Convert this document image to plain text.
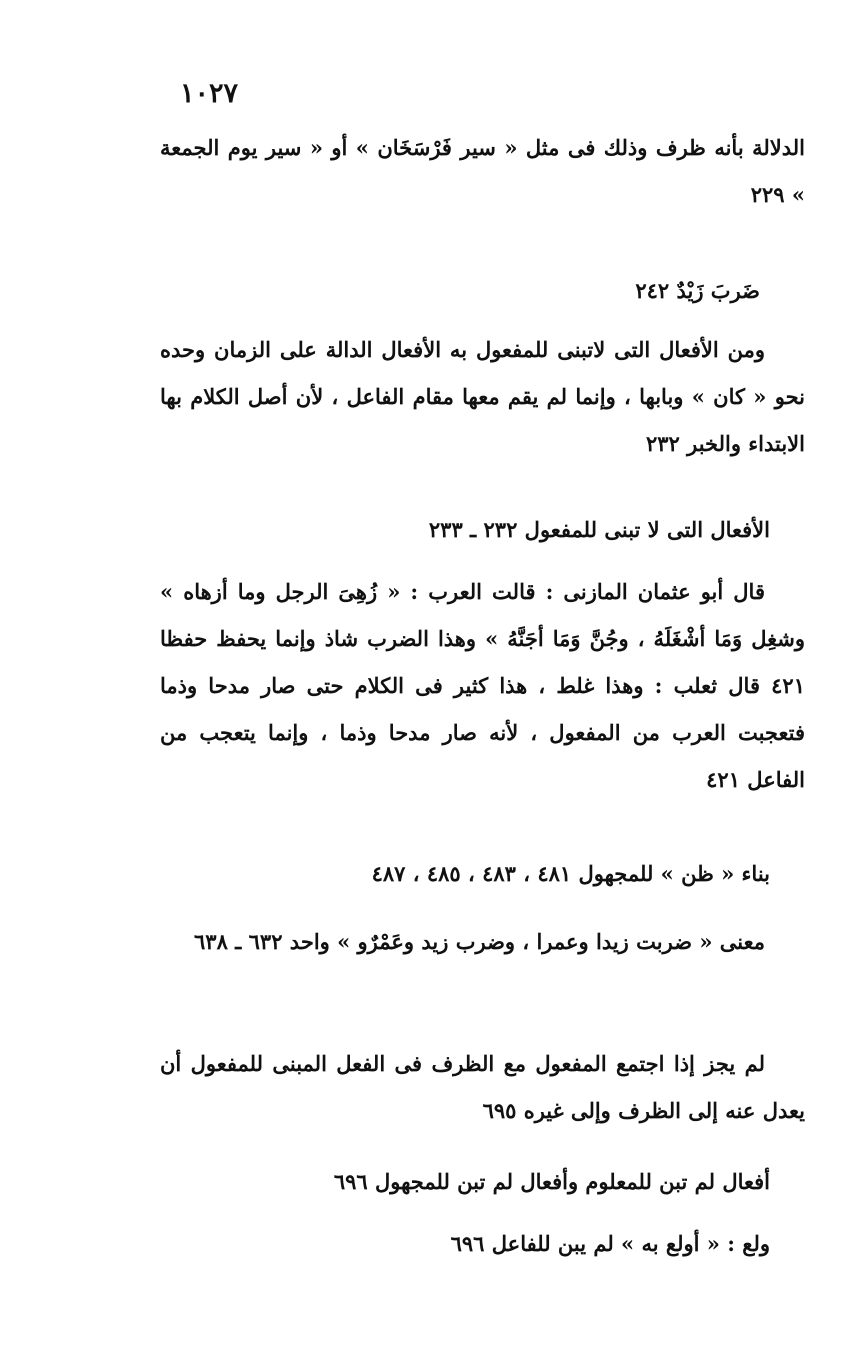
١٠٢٧

الدلالة بأنه ظرف وذلك فى مثل « سير فَرْسَخَان » أو « سير يوم الجمعة » ٢٢٩

ضَربَ زَيْدٌ ٢٤٢

ومن الأفعال التى لاتبنى للمفعول به الأفعال الدالة على الزمان وحده نحو « كان » وبابها ، وإنما لم يقم معها مقام الفاعل ، لأن أصل الكلام بها الابتداء والخبر ٢٣٢

الأفعال التى لا تبنى للمفعول ٢٣٢ ـ ٢٣٣

قال أبو عثمان المازنى : قالت العرب : « زُهِىَ الرجل وما أزهاه » وشغِل وَمَا أشْغَلَهُ ، وجُنَّ وَمَا أجَنَّهُ » وهذا الضرب شاذ وإنما يحفظ حفظا ٤٢١ قال ثعلب : وهذا غلط ، هذا كثير فى الكلام حتى صار مدحا وذما فتعجبت العرب من المفعول ، لأنه صار مدحا وذما ، وإنما يتعجب من الفاعل ٤٢١

بناء « ظن » للمجهول ٤٨١ ، ٤٨٣ ، ٤٨٥ ، ٤٨٧

معنى « ضربت زيدا وعمرا ، وضرب زيد وعَمْرٌو » واحد ٦٣٢ ـ ٦٣٨

لم يجز إذا اجتمع المفعول مع الظرف فى الفعل المبنى للمفعول أن يعدل عنه إلى الظرف وإلى غيره ٦٩٥

أفعال لم تبن للمعلوم وأفعال لم تبن للمجهول ٦٩٦

ولع : « أولع به » لم يبن للفاعل ٦٩٦
